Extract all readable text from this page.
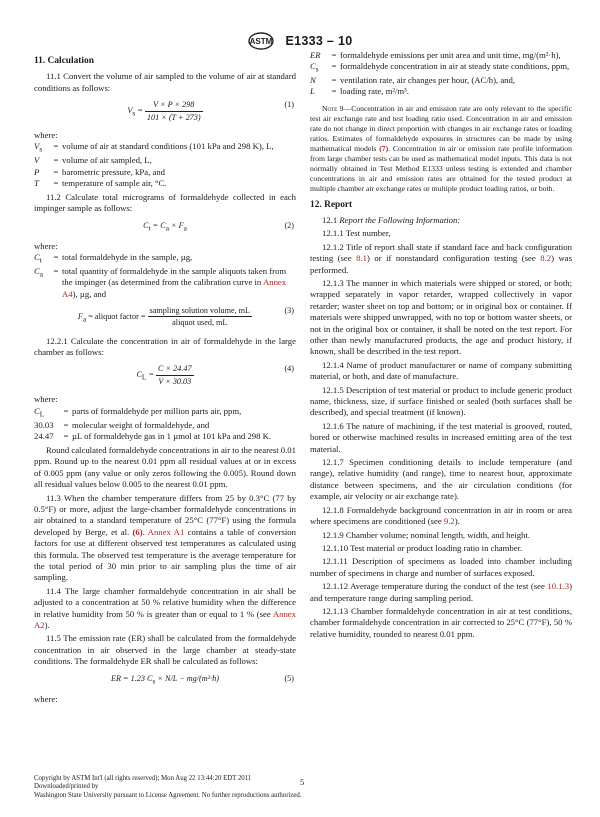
ASTM E1333 – 10
11. Calculation

11.1 Convert the volume of air sampled to the volume of air at standard conditions as follows:

$V_s = \frac{V \times P \times 298}{101 \times (T + 273)}$	(1)
where:
$V_s$	=	volume of air at standard conditions (101 kPa and 298 K), L,
V	=	volume of air sampled, L,
P	=	barometric pressure, kPa, and
T	=	temperature of sample air, °C.

11.2 Calculate total micrograms of formaldehyde collected in each impinger sample as follows:

$C_t = C_a \times F_a$	(2)
where:
$C_t$	=	total formaldehyde in the sample, µg,
$C_a$	=	total quantity of formaldehyde in the sample aliquots taken from the impinger (as determined from the calibration curve in Annex A4), µg, and
$F_a$ = aliquot factor = $\frac{\text{sampling solution volume, mL}}{\text{aliquot used, mL}}$	(3)

12.2.1 Calculate the concentration in air of formaldehyde in the large chamber as follows:

$C_L = \frac{C \times 24.47}{V \times 30.03}$	(4)
where:
$C_L$	=	parts of formaldehyde per million parts air, ppm,
30.03	=	molecular weight of formaldehyde, and
24.47	=	µL of formaldehyde gas in 1 µmol at 101 kPa and 298 K.

Round calculated formaldehyde concentrations in air to the nearest 0.01 ppm. Round up to the nearest 0.01 ppm all residual values at or in excess of 0.005 ppm (any value or only zeros following the 0.005). Round down all residual values below 0.005 to the nearest 0.01 ppm.

11.3 When the chamber temperature differs from 25 by 0.3°C (77 by 0.5°F) or more, adjust the large-chamber formaldehyde concentrations in air obtained to a standard temperature of 25°C (77°F) using the formula developed by Berge, et al. (6). Annex A1 contains a table of conversion factors for use at different observed test temperatures as calculated using this formula. The observed test temperature is the average temperature for the total period of 30 min prior to air sampling plus the time of air sampling.

11.4 The large chamber formaldehyde concentration in air shall be adjusted to a concentration at 50 % relative humidity when the difference in relative humidity from 50 % is greater than or equal to 1 % (see Annex A2).

11.5 The emission rate (ER) shall be calculated from the formaldehyde concentration in air observed in the large chamber at steady-state conditions. The formaldehyde ER shall be calculated as follows:

ER = 1.23 $C_s \times N/L - mg/(m^2\cdot h)$	(5)
where:
ER	=	formaldehyde emissions per unit area and unit time, mg/(m²·h),
$C_s$	=	formaldehyde concentration in air at steady state conditions, ppm,
N	=	ventilation rate, air changes per hour, (AC/h), and,
L	=	loading rate, m²/m³.
Note 9—Concentration in air and emission rate are only relevant to the specific test air exchange rate and test loading ratio used. Concentration in air and emission rate do not change in direct proportion with changes in air exchange rates or loading ratios. Estimates of formaldehyde exposures in structures can be made by using mathematical models (7). Concentration in air or emission rate profile information from large chamber tests can be used as mathematical model inputs. This data is not normally obtained in Test Method E1333 unless testing is extended and chamber concentrations in air and emission rates are obtained for the tested product at multiple chamber air exchange rates or multiple product loading ratios, or both.
12. Report

12.1 Report the Following Information:

12.1.1 Test number,

12.1.2 Title of report shall state if standard face and back configuration testing (see 8.1) or if nonstandard configuration testing (see 8.2) was performed.

12.1.3 The manner in which materials were shipped or stored, or both; wrapped separately in vapor retarder, wrapped collectively in vapor retarder; waster sheet on top and bottom; or in original box or container. If materials were shipped unwrapped, with no top or bottom waster sheets, or not in the original box or container, it shall be noted on the test report. For other than newly manufactured products, the age and product history, if known, shall be described in the test report.

12.1.4 Name of product manufacturer or name of company submitting material, or both, and date of manufacture.

12.1.5 Description of test material or product to include generic product name, thickness, size, if surface finished or sealed (both surfaces shall be described), and special treatment (if known).

12.1.6 The nature of machining, if the test material is grooved, routed, bored or otherwise machined results in increased emitting area of the test material.

12.1.7 Specimen conditioning details to include temperature (and range), relative humidity (and range), time to nearest hour, approximate distance between specimens, and the air circulation conditions (for example, air velocity or air exchange rate).

12.1.8 Formaldehyde background concentration in air in room or area where specimens are conditioned (see 9.2).

12.1.9 Chamber volume; nominal length, width, and height.

12.1.10 Test material or product loading ratio in chamber.

12.1.11 Description of specimens as loaded into chamber including number of specimens in charge and number of surfaces exposed.

12.1.12 Average temperature during the conduct of the test (see 10.1.3) and temperature range during sampling period.

12.1.13 Chamber formaldehyde concentration in air at test conditions, chamber formaldehyde concentration in air corrected to 25°C (77°F), 50 % relative humidity, rounded to nearest 0.01 ppm.

Copyright by ASTM Int'l (all rights reserved); Mon Aug 22 13:44:20 EDT 2011
Downloaded/printed by
Washington State University pursuant to License Agreement. No further reproductions authorized.
5
